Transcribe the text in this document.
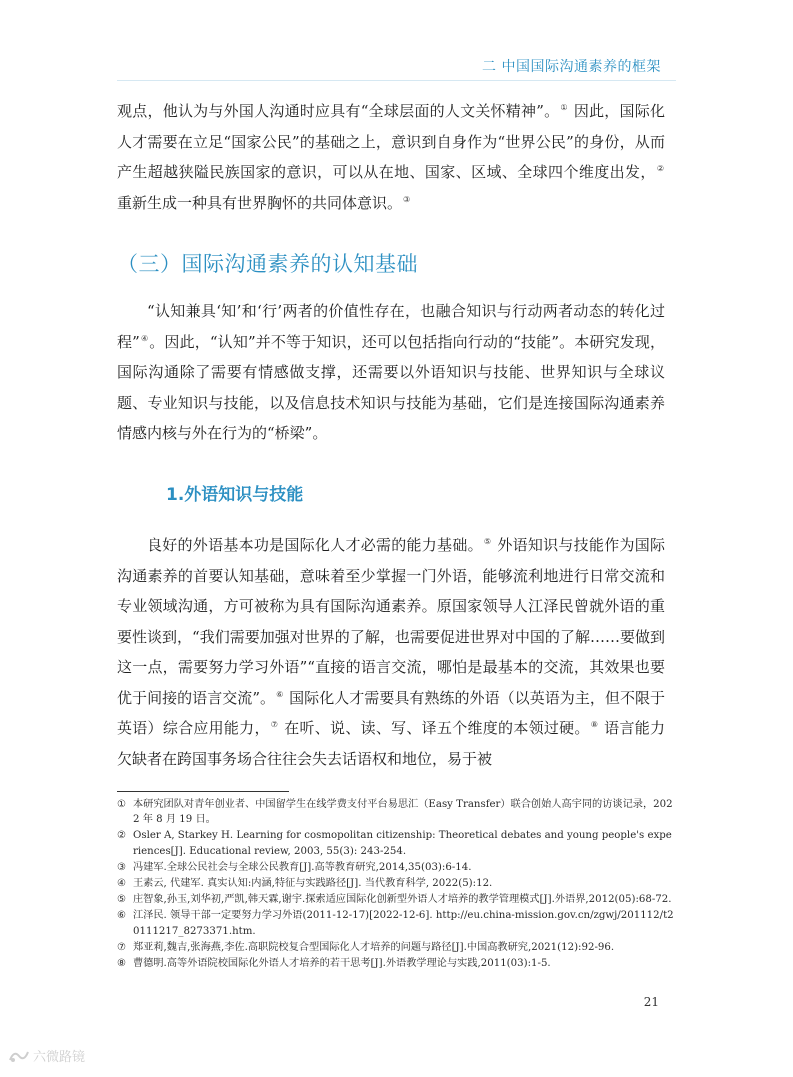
二 中国国际沟通素养的框架

观点，他认为与外国人沟通时应具有“全球层面的人文关怀精神”。① 因此，国际化人才需要在立足“国家公民”的基础之上，意识到自身作为“世界公民”的身份，从而产生超越狭隘民族国家的意识，可以从在地、国家、区域、全球四个维度出发，② 重新生成一种具有世界胸怀的共同体意识。③

（三）国际沟通素养的认知基础

“认知兼具‘知’和‘行’两者的价值性存在，也融合知识与行动两者动态的转化过程”④。因此，“认知”并不等于知识，还可以包括指向行动的“技能”。本研究发现，国际沟通除了需要有情感做支撑，还需要以外语知识与技能、世界知识与全球议题、专业知识与技能，以及信息技术知识与技能为基础，它们是连接国际沟通素养情感内核与外在行为的“桥梁”。

1.外语知识与技能

良好的外语基本功是国际化人才必需的能力基础。⑤ 外语知识与技能作为国际沟通素养的首要认知基础，意味着至少掌握一门外语，能够流利地进行日常交流和专业领域沟通，方可被称为具有国际沟通素养。原国家领导人江泽民曾就外语的重要性谈到，“我们需要加强对世界的了解，也需要促进世界对中国的了解……要做到这一点，需要努力学习外语”“直接的语言交流，哪怕是最基本的交流，其效果也要优于间接的语言交流”。⑥ 国际化人才需要具有熟练的外语（以英语为主，但不限于英语）综合应用能力，⑦ 在听、说、读、写、译五个维度的本领过硬。⑧ 语言能力欠缺者在跨国事务场合往往会失去话语权和地位，易于被

① 本研究团队对青年创业者、中国留学生在线学费支付平台易思汇（Easy Transfer）联合创始人高宇同的访谈记录，2022 年 8 月 19 日。
② Osler A, Starkey H. Learning for cosmopolitan citizenship: Theoretical debates and young people's experiences[J]. Educational review, 2003, 55(3): 243-254.
③ 冯建军.全球公民社会与全球公民教育[J].高等教育研究,2014,35(03):6-14.
④ 王素云, 代建军. 真实认知:内涵,特征与实践路径[J]. 当代教育科学, 2022(5):12.
⑤ 庄智象,孙玉,刘华初,严凯,韩天霖,谢宇.探索适应国际化创新型外语人才培养的教学管理模式[J].外语界,2012(05):68-72.
⑥ 江泽民. 领导干部一定要努力学习外语(2011-12-17)[2022-12-6]. http://eu.china-mission.gov.cn/zgwj/201112/t20111217_8273371.htm.
⑦ 郑亚莉,魏吉,张海燕,李佐.高职院校复合型国际化人才培养的问题与路径[J].中国高教研究,2021(12):92-96.
⑧ 曹德明.高等外语院校国际化外语人才培养的若干思考[J].外语教学理论与实践,2011(03):1-5.
21
六微路镜
